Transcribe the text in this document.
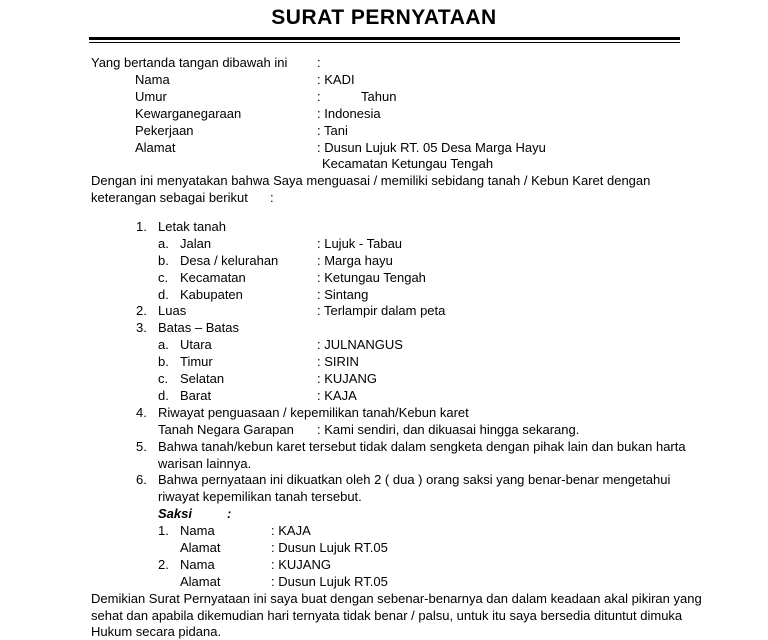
SURAT PERNYATAAN
Yang bertanda tangan dibawah ini :
Nama	: KADI
Umur	:	Tahun
Kewarganegaraan	: Indonesia
Pekerjaan	: Tani
Alamat	: Dusun Lujuk RT. 05 Desa Marga Hayu
Kecamatan Ketungau Tengah
Dengan ini menyatakan bahwa Saya menguasai / memiliki sebidang tanah / Kebun Karet dengan
keterangan sebagai berikut :
1. Letak tanah
a. Jalan	: Lujuk - Tabau
b. Desa / kelurahan	: Marga hayu
c. Kecamatan	: Ketungau Tengah
d. Kabupaten	: Sintang
2. Luas	: Terlampir dalam peta
3. Batas – Batas
a. Utara	: JULNANGUS
b. Timur	: SIRIN
c. Selatan	: KUJANG
d. Barat	: KAJA
4. Riwayat penguasaan / kepemilikan tanah/Kebun karet
Tanah Negara Garapan : Kami sendiri, dan dikuasai hingga sekarang.
5. Bahwa tanah/kebun karet tersebut tidak dalam sengketa dengan pihak lain dan bukan harta
warisan lainnya.
6. Bahwa pernyataan ini dikuatkan oleh 2 ( dua ) orang saksi yang benar-benar mengetahui
riwayat kepemilikan tanah tersebut.
Saksi	:
1. Nama	: KAJA
Alamat	: Dusun Lujuk RT.05
2. Nama	: KUJANG
Alamat	: Dusun Lujuk RT.05
Demikian Surat Pernyataan ini saya buat dengan sebenar-benarnya dan dalam keadaan akal pikiran yang
sehat dan apabila dikemudian hari ternyata tidak benar / palsu, untuk itu saya bersedia dituntut dimuka
Hukum secara pidana.
